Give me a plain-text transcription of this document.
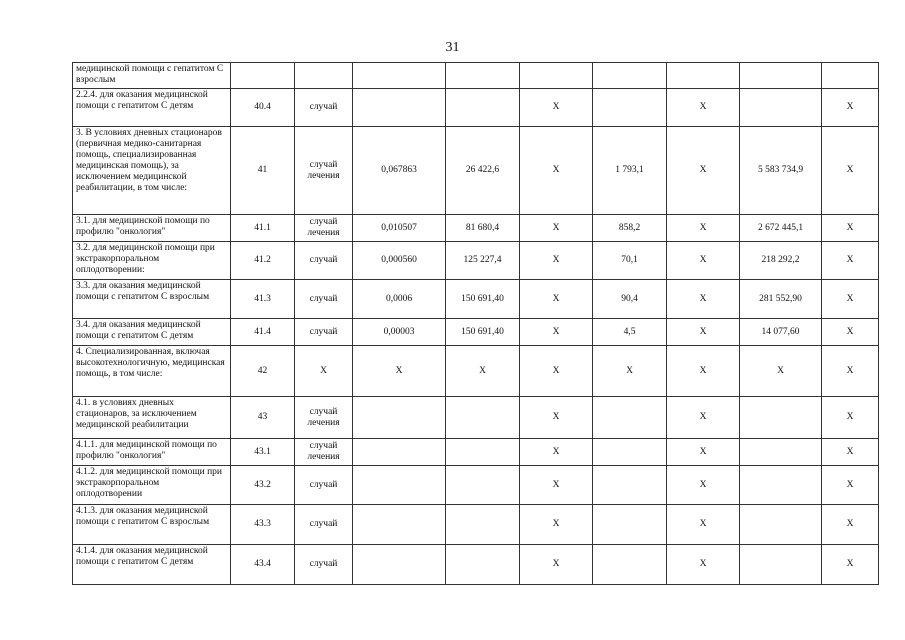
31
медицинской помощи с гепатитом С взрослым									
2.2.4. для оказания медицинской помощи с гепатитом С детям	40.4	случай			X		X		X
3. В условиях дневных стационаров (первичная медико-санитарная помощь, специализированная медицинская помощь), за исключением медицинской реабилитации, в том числе:	41	случай лечения	0,067863	26 422,6	X	1 793,1	X	5 583 734,9	X
3.1. для медицинской помощи по профилю "онкология"	41.1	случай лечения	0,010507	81 680,4	X	858,2	X	2 672 445,1	X
3.2. для медицинской помощи при экстракорпоральном оплодотворении:	41.2	случай	0,000560	125 227,4	X	70,1	X	218 292,2	X
3.3. для оказания медицинской помощи с гепатитом С взрослым	41.3	случай	0,0006	150 691,40	X	90,4	X	281 552,90	X
3.4. для оказания медицинской помощи с гепатитом С детям	41.4	случай	0,00003	150 691,40	X	4,5	X	14 077,60	X
4. Специализированная, включая высокотехнологичную, медицинская помощь, в том числе:	42	X	X	X	X	X	X	X	X
4.1. в условиях дневных стационаров, за исключением медицинской реабилитации	43	случай лечения			X		X		X
4.1.1. для медицинской помощи по профилю "онкология"	43.1	случай лечения			X		X		X
4.1.2. для медицинской помощи при экстракорпоральном оплодотворении	43.2	случай			X		X		X
4.1.3. для оказания медицинской помощи с гепатитом С взрослым	43.3	случай			X		X		X
4.1.4. для оказания медицинской помощи с гепатитом С детям	43.4	случай			X		X		X
